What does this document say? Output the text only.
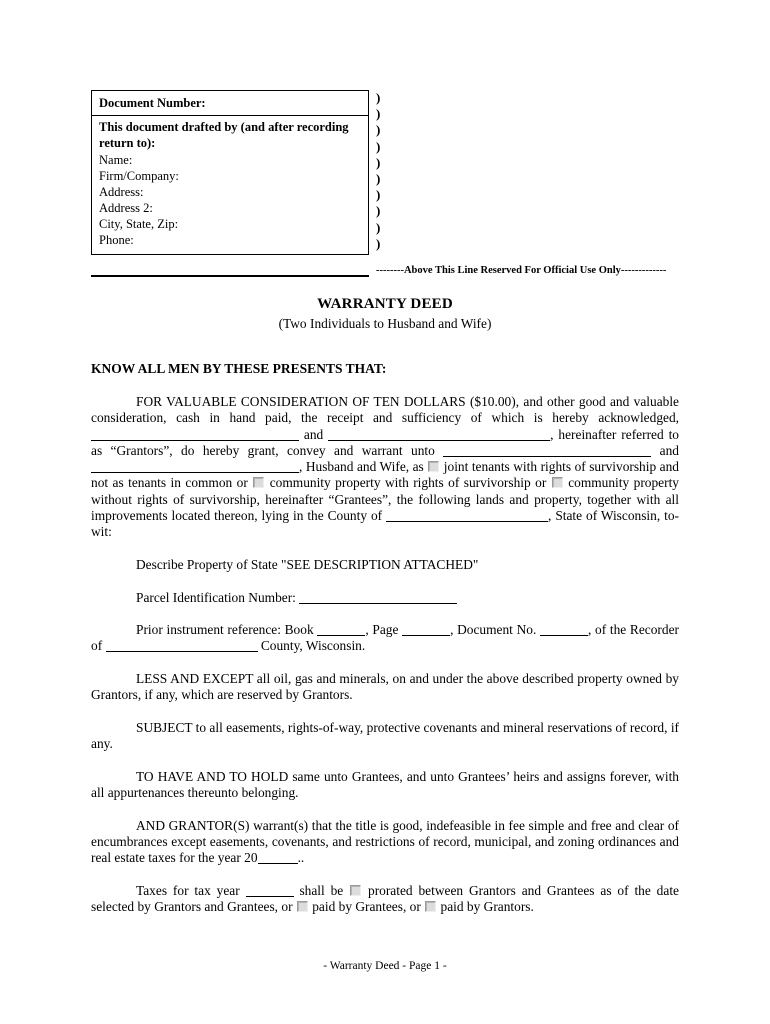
Document Number:
This document drafted by (and after recording return to):
Name:
Firm/Company:
Address:
Address 2:
City, State, Zip:
Phone:
)
)
)
)
)
)
)
)
)
)
--------Above This Line Reserved For Official Use Only-------------
WARRANTY DEED
(Two Individuals to Husband and Wife)
KNOW ALL MEN BY THESE PRESENTS THAT:

FOR VALUABLE CONSIDERATION OF TEN DOLLARS ($10.00), and other good and valuable consideration, cash in hand paid, the receipt and sufficiency of which is hereby acknowledged,  and	, hereinafter referred to as “Grantors”, do hereby grant, convey and warrant unto	and , Husband and Wife, as  joint tenants with rights of survivorship and not as tenants in common or  community property with rights of survivorship or  community property without rights of survivorship, hereinafter “Grantees”, the following lands and property, together with all improvements located thereon, lying in the County of	, State of Wisconsin, to-wit:

Describe Property of State "SEE DESCRIPTION ATTACHED"

Parcel Identification Number:

Prior instrument reference: Book	, Page	, Document No.	, of the Recorder of	County, Wisconsin.

LESS AND EXCEPT all oil, gas and minerals, on and under the above described property owned by Grantors, if any, which are reserved by Grantors.

SUBJECT to all easements, rights-of-way, protective covenants and mineral reservations of record, if any.

TO HAVE AND TO HOLD same unto Grantees, and unto Grantees’ heirs and assigns forever, with all appurtenances thereunto belonging.

AND GRANTOR(S) warrant(s) that the title is good, indefeasible in fee simple and free and clear of encumbrances except easements, covenants, and restrictions of record, municipal, and zoning ordinances and real estate taxes for the year 20	..

Taxes for tax year	shall be  prorated between Grantors and Grantees as of the date selected by Grantors and Grantees, or  paid by Grantees, or  paid by Grantors.

- Warranty Deed - Page 1 -
